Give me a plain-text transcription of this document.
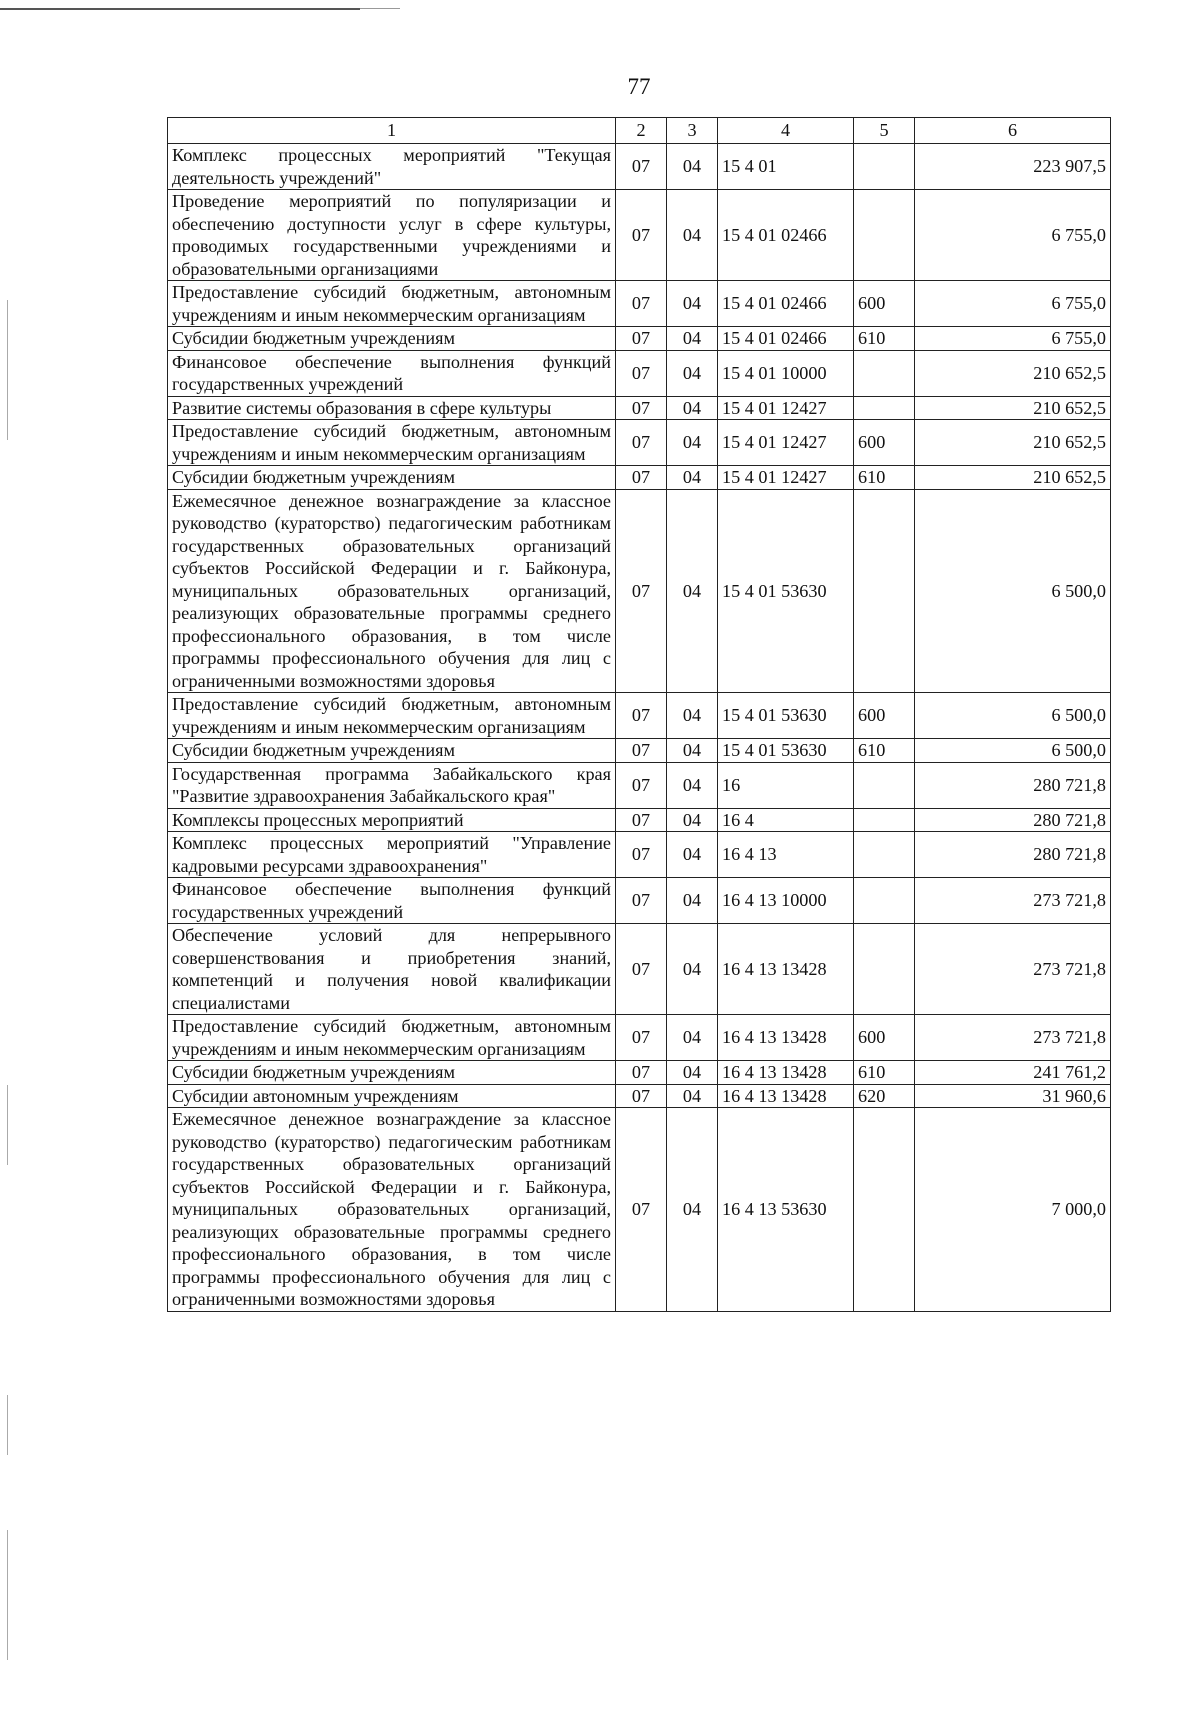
77
1	2	3	4	5	6
Комплекс процессных мероприятий "Текущая деятельность учреждений"	07	04	15 4 01		223 907,5
Проведение мероприятий по популяризации и обеспечению доступности услуг в сфере культуры, проводимых государственными учреждениями и образовательными организациями	07	04	15 4 01 02466		6 755,0
Предоставление субсидий бюджетным, автономным учреждениям и иным некоммерческим организациям	07	04	15 4 01 02466	600	6 755,0
Субсидии бюджетным учреждениям	07	04	15 4 01 02466	610	6 755,0
Финансовое обеспечение выполнения функций государственных учреждений	07	04	15 4 01 10000		210 652,5
Развитие системы образования в сфере культуры	07	04	15 4 01 12427		210 652,5
Предоставление субсидий бюджетным, автономным учреждениям и иным некоммерческим организациям	07	04	15 4 01 12427	600	210 652,5
Субсидии бюджетным учреждениям	07	04	15 4 01 12427	610	210 652,5
Ежемесячное денежное вознаграждение за классное руководство (кураторство) педагогическим работникам государственных образовательных организаций субъектов Российской Федерации и г. Байконура, муниципальных образовательных организаций, реализующих образовательные программы среднего профессионального образования, в том числе программы профессионального обучения для лиц с ограниченными возможностями здоровья	07	04	15 4 01 53630		6 500,0
Предоставление субсидий бюджетным, автономным учреждениям и иным некоммерческим организациям	07	04	15 4 01 53630	600	6 500,0
Субсидии бюджетным учреждениям	07	04	15 4 01 53630	610	6 500,0
Государственная программа Забайкальского края "Развитие здравоохранения Забайкальского края"	07	04	16		280 721,8
Комплексы процессных мероприятий	07	04	16 4		280 721,8
Комплекс процессных мероприятий "Управление кадровыми ресурсами здравоохранения"	07	04	16 4 13		280 721,8
Финансовое обеспечение выполнения функций государственных учреждений	07	04	16 4 13 10000		273 721,8
Обеспечение условий для непрерывного совершенствования и приобретения знаний, компетенций и получения новой квалификации специалистами	07	04	16 4 13 13428		273 721,8
Предоставление субсидий бюджетным, автономным учреждениям и иным некоммерческим организациям	07	04	16 4 13 13428	600	273 721,8
Субсидии бюджетным учреждениям	07	04	16 4 13 13428	610	241 761,2
Субсидии автономным учреждениям	07	04	16 4 13 13428	620	31 960,6
Ежемесячное денежное вознаграждение за классное руководство (кураторство) педагогическим работникам государственных образовательных организаций субъектов Российской Федерации и г. Байконура, муниципальных образовательных организаций, реализующих образовательные программы среднего профессионального образования, в том числе программы профессионального обучения для лиц с ограниченными возможностями здоровья	07	04	16 4 13 53630		7 000,0
